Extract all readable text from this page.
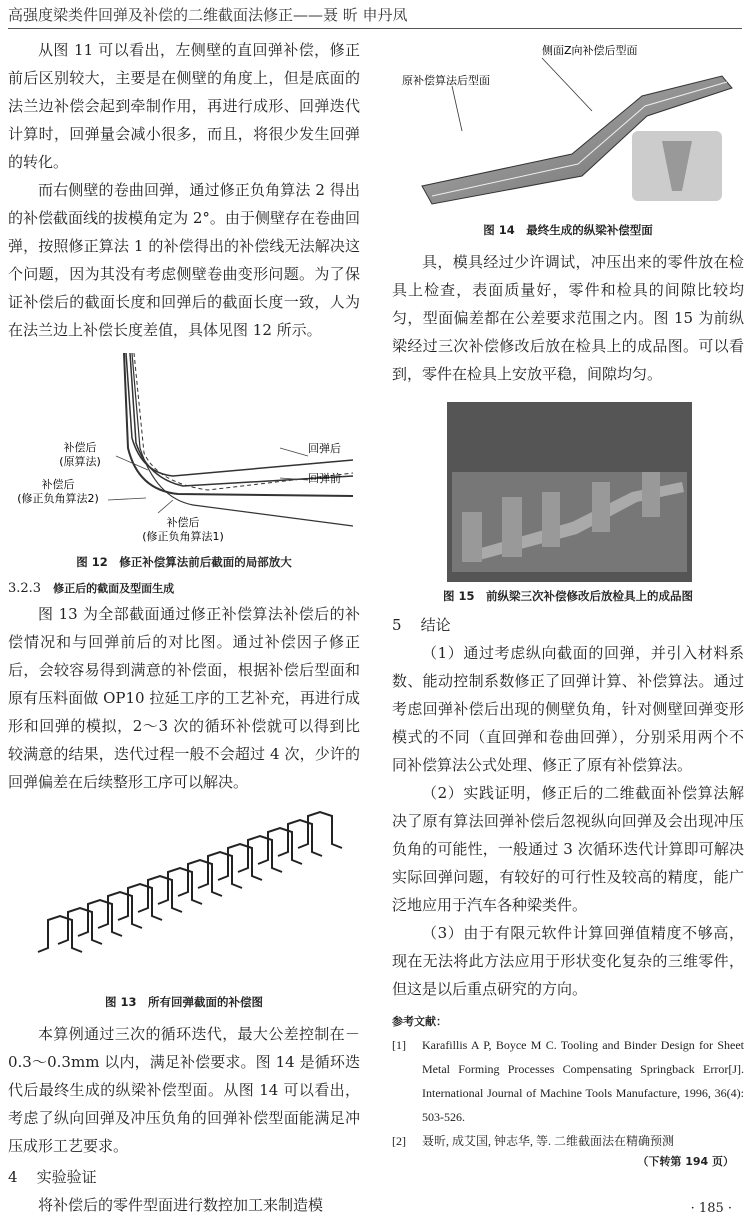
高强度梁类件回弹及补偿的二维截面法修正——聂 昕 申丹凤

从图 11 可以看出，左侧壁的直回弹补偿，修正前后区别较大，主要是在侧壁的角度上，但是底面的法兰边补偿会起到牵制作用，再进行成形、回弹迭代计算时，回弹量会减小很多，而且，将很少发生回弹的转化。

而右侧壁的卷曲回弹，通过修正负角算法 2 得出的补偿截面线的拔模角定为 2°。由于侧壁存在卷曲回弹，按照修正算法 1 的补偿得出的补偿线无法解决这个问题，因为其没有考虑侧壁卷曲变形问题。为了保证补偿后的截面长度和回弹后的截面长度一致，人为在法兰边上补偿长度差值，具体见图 12 所示。

补偿后
(原算法)
补偿后
(修正负角算法2)
回弹后
回弹前
补偿后
(修正负角算法1)
图 12　修正补偿算法前后截面的局部放大
3.2.3 修正后的截面及型面生成

图 13 为全部截面通过修正补偿算法补偿后的补偿情况和与回弹前后的对比图。通过补偿因子修正后，会较容易得到满意的补偿面，根据补偿后型面和原有压料面做 OP10 拉延工序的工艺补充，再进行成形和回弹的模拟，2～3 次的循环补偿就可以得到比较满意的结果，迭代过程一般不会超过 4 次，少许的回弹偏差在后续整形工序可以解决。

图 13　所有回弹截面的补偿图

本算例通过三次的循环迭代，最大公差控制在－0.3～0.3mm 以内，满足补偿要求。图 14 是循环迭代后最终生成的纵梁补偿型面。从图 14 可以看出，考虑了纵向回弹及冲压负角的回弹补偿型面能满足冲压成形工艺要求。

4 实验验证

将补偿后的零件型面进行数控加工来制造模

侧面Z向补偿后型面
原补偿算法后型面
图 14　最终生成的纵梁补偿型面

具，模具经过少许调试，冲压出来的零件放在检具上检查，表面质量好，零件和检具的间隙比较均匀，型面偏差都在公差要求范围之内。图 15 为前纵梁经过三次补偿修改后放在检具上的成品图。可以看到，零件在检具上安放平稳，间隙均匀。

图 15　前纵梁三次补偿修改后放检具上的成品图
5 结论

（1）通过考虑纵向截面的回弹，并引入材料系数、能动控制系数修正了回弹计算、补偿算法。通过考虑回弹补偿后出现的侧壁负角，针对侧壁回弹变形模式的不同（直回弹和卷曲回弹），分别采用两个不同补偿算法公式处理、修正了原有补偿算法。

（2）实践证明，修正后的二维截面补偿算法解决了原有算法回弹补偿后忽视纵向回弹及会出现冲压负角的可能性，一般通过 3 次循环迭代计算即可解决实际回弹问题，有较好的可行性及较高的精度，能广泛地应用于汽车各种梁类件。

（3）由于有限元软件计算回弹值精度不够高，现在无法将此方法应用于形状变化复杂的三维零件，但这是以后重点研究的方向。

参考文献：
[1]	Karafillis A P, Boyce M C. Tooling and Binder Design for Sheet Metal Forming Processes Compensating Springback Error[J]. International Journal of Machine Tools Manufacture, 1996, 36(4): 503-526.
[2]	聂昕, 成艾国, 钟志华, 等. 二维截面法在精确预测
（下转第 194 页）
· 185 ·
